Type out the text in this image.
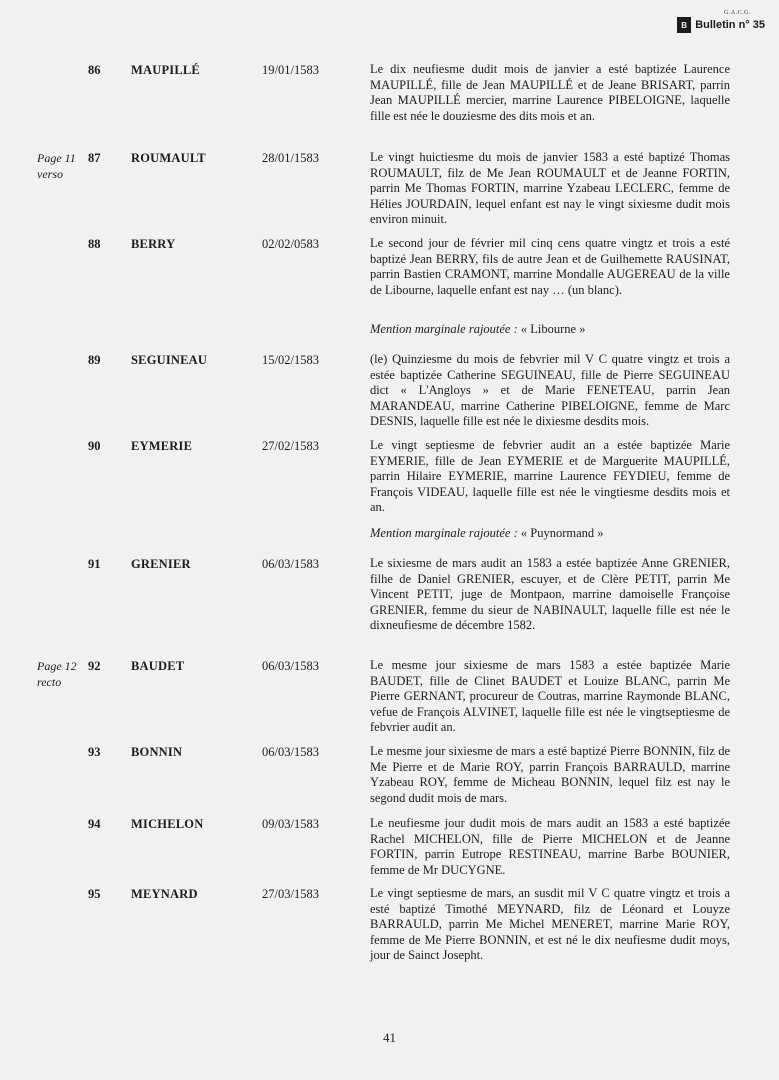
G.A.C.G.
B Bulletin n° 35
86 MAUPILLÉ	19/01/1583	Le dix neufiesme dudit mois de janvier a esté baptizée Laurence MAUPILLÉ, fille de Jean MAUPILLÉ et de Jeane BRISART, parrin Jean MAUPILLÉ mercier, marrine Laurence PIBELOIGNE, laquelle fille est née le douziesme des dits mois et an.
Page 11 verso
87 ROUMAULT	28/01/1583	Le vingt huictiesme du mois de janvier 1583 a esté baptizé Thomas ROUMAULT, filz de Me Jean ROUMAULT et de Jeanne FORTIN, parrin Me Thomas FORTIN, marrine Yzabeau LECLERC, femme de Hélies JOURDAIN, lequel enfant est nay le vingt sixiesme dudit mois environ minuit.
88 BERRY	02/02/0583	Le second jour de février mil cinq cens quatre vingtz et trois a esté baptizé Jean BERRY, fils de autre Jean et de Guilhemette RAUSINAT, parrin Bastien CRAMONT, marrine Mondalle AUGEREAU de la ville de Libourne, laquelle enfant est nay … (un blanc).
Mention marginale rajoutée : « Libourne »
89 SEGUINEAU	15/02/1583	(le) Quinziesme du mois de febvrier mil V C quatre vingtz et trois a estée baptizée Catherine SEGUINEAU, fille de Pierre SEGUINEAU dict « L'Angloys » et de Marie FENETEAU, parrin Jean MARANDEAU, marrine Catherine PIBELOIGNE, femme de Marc DESNIS, laquelle fille est née le dixiesme desdits mois.
90 EYMERIE	27/02/1583	Le vingt septiesme de febvrier audit an a estée baptizée Marie EYMERIE, fille de Jean EYMERIE et de Marguerite MAUPILLÉ, parrin Hilaire EYMERIE, marrine Laurence FEYDIEU, femme de François VIDEAU, laquelle fille est née le vingtiesme desdits mois et an.
Mention marginale rajoutée : « Puynormand »
91 GRENIER	06/03/1583	Le sixiesme de mars audit an 1583 a estée baptizée Anne GRENIER, filhe de Daniel GRENIER, escuyer, et de Clère PETIT, parrin Me Vincent PETIT, juge de Montpaon, marrine damoiselle Françoise GRENIER, femme du sieur de NABINAULT, laquelle fille est née le dixneufiesme de décembre 1582.
Page 12 recto
92 BAUDET	06/03/1583	Le mesme jour sixiesme de mars 1583 a estée baptizée Marie BAUDET, fille de Clinet BAUDET et Louize BLANC, parrin Me Pierre GERNANT, procureur de Coutras, marrine Raymonde BLANC, vefue de François ALVINET, laquelle fille est née le vingtseptiesme de febvrier audit an.
93 BONNIN	06/03/1583	Le mesme jour sixiesme de mars a esté baptizé Pierre BONNIN, filz de Me Pierre et de Marie ROY, parrin François BARRAULD, marrine Yzabeau ROY, femme de Micheau BONNIN, lequel filz est nay le segond dudit mois de mars.
94 MICHELON	09/03/1583	Le neufiesme jour dudit mois de mars audit an 1583 a esté baptizée Rachel MICHELON, fille de Pierre MICHELON et de Jeanne FORTIN, parrin Eutrope RESTINEAU, marrine Barbe BOUNIER, femme de Mr DUCYGNE.
95 MEYNARD	27/03/1583	Le vingt septiesme de mars, an susdit mil V C quatre vingtz et trois a esté baptizé Timothé MEYNARD, filz de Léonard et Louyze BARRAULD, parrin Me Michel MENERET, marrine Marie ROY, femme de Me Pierre BONNIN, et est né le dix neufiesme dudit moys, jour de Sainct Josepht.
41
